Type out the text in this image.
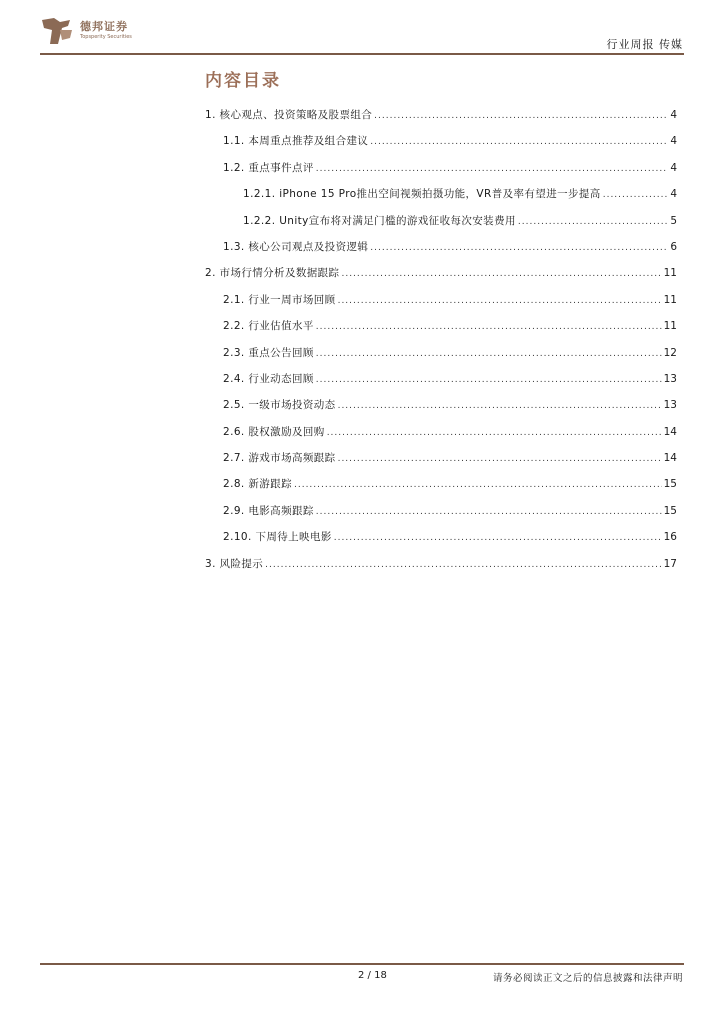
德邦证券
Topsperity Securities
行业周报 传媒
内容目录
1. 核心观点、投资策略及股票组合 .....	4
1.1. 本周重点推荐及组合建议 .....	4
1.2. 重点事件点评 .....	4
1.2.1. iPhone 15 Pro推出空间视频拍摄功能，VR普及率有望进一步提高 .....	4
1.2.2. Unity宣布将对满足门槛的游戏征收每次安装费用 .....	5
1.3. 核心公司观点及投资逻辑 .....	6
2. 市场行情分析及数据跟踪 .....	11
2.1. 行业一周市场回顾 .....	11
2.2. 行业估值水平 .....	11
2.3. 重点公告回顾 .....	12
2.4. 行业动态回顾 .....	13
2.5. 一级市场投资动态 .....	13
2.6. 股权激励及回购 .....	14
2.7. 游戏市场高频跟踪 .....	14
2.8. 新游跟踪 .....	15
2.9. 电影高频跟踪 .....	15
2.10. 下周待上映电影 .....	16
3. 风险提示 .....	17
2 / 18	请务必阅读正文之后的信息披露和法律声明
